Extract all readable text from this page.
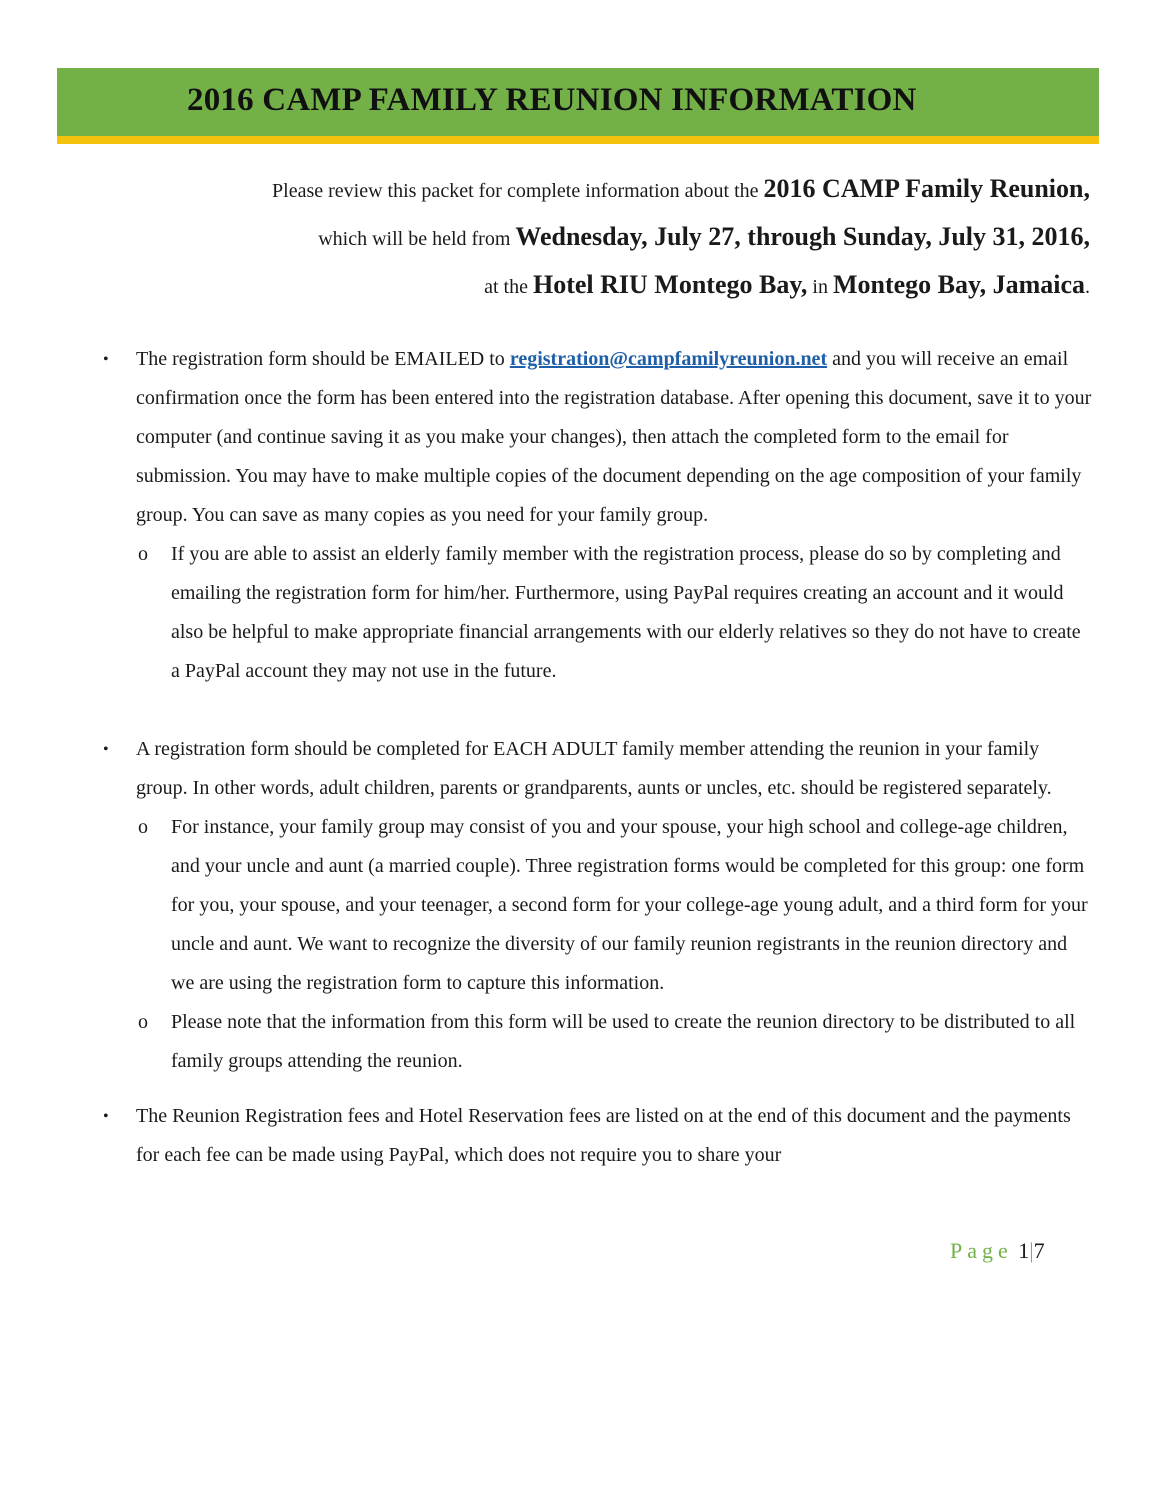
2016 CAMP FAMILY REUNION INFORMATION
Please review this packet for complete information about the 2016 CAMP Family Reunion,
which will be held from Wednesday, July 27, through Sunday, July 31, 2016,
at the Hotel RIU Montego Bay, in Montego Bay, Jamaica.
• The registration form should be EMAILED to registration@campfamilyreunion.net and you will receive an email confirmation once the form has been entered into the registration database. After opening this document, save it to your computer (and continue saving it as you make your changes), then attach the completed form to the email for submission. You may have to make multiple copies of the document depending on the age composition of your family group. You can save as many copies as you need for your family group.
o If you are able to assist an elderly family member with the registration process, please do so by completing and emailing the registration form for him/her. Furthermore, using PayPal requires creating an account and it would also be helpful to make appropriate financial arrangements with our elderly relatives so they do not have to create a PayPal account they may not use in the future.
• A registration form should be completed for EACH ADULT family member attending the reunion in your family group. In other words, adult children, parents or grandparents, aunts or uncles, etc. should be registered separately.
o For instance, your family group may consist of you and your spouse, your high school and college-age children, and your uncle and aunt (a married couple). Three registration forms would be completed for this group: one form for you, your spouse, and your teenager, a second form for your college-age young adult, and a third form for your uncle and aunt. We want to recognize the diversity of our family reunion registrants in the reunion directory and we are using the registration form to capture this information.
o Please note that the information from this form will be used to create the reunion directory to be distributed to all family groups attending the reunion.
• The Reunion Registration fees and Hotel Reservation fees are listed on at the end of this document and the payments for each fee can be made using PayPal, which does not require you to share your
Page 1|7
